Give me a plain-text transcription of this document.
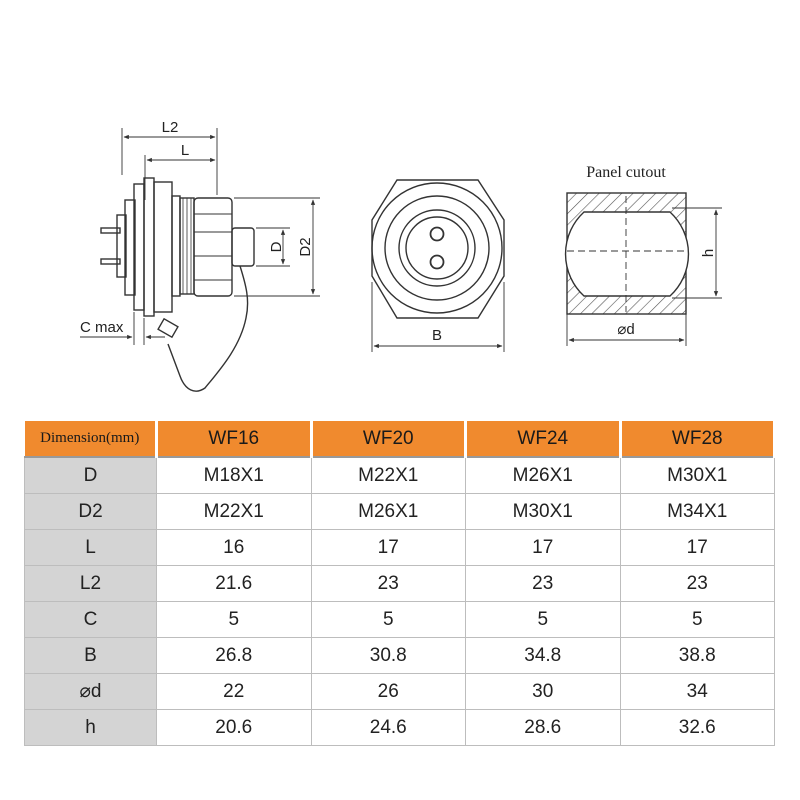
L2
L
D D2
C max	B
Panel cutout
h
⌀d
Dimension(mm)	WF16	WF20	WF24	WF28
D	M18X1	M22X1	M26X1	M30X1
D2	M22X1	M26X1	M30X1	M34X1
L	16	17	17	17
L2	21.6	23	23	23
C	5	5	5	5
B	26.8	30.8	34.8	38.8
⌀d	22	26	30	34
h	20.6	24.6	28.6	32.6
